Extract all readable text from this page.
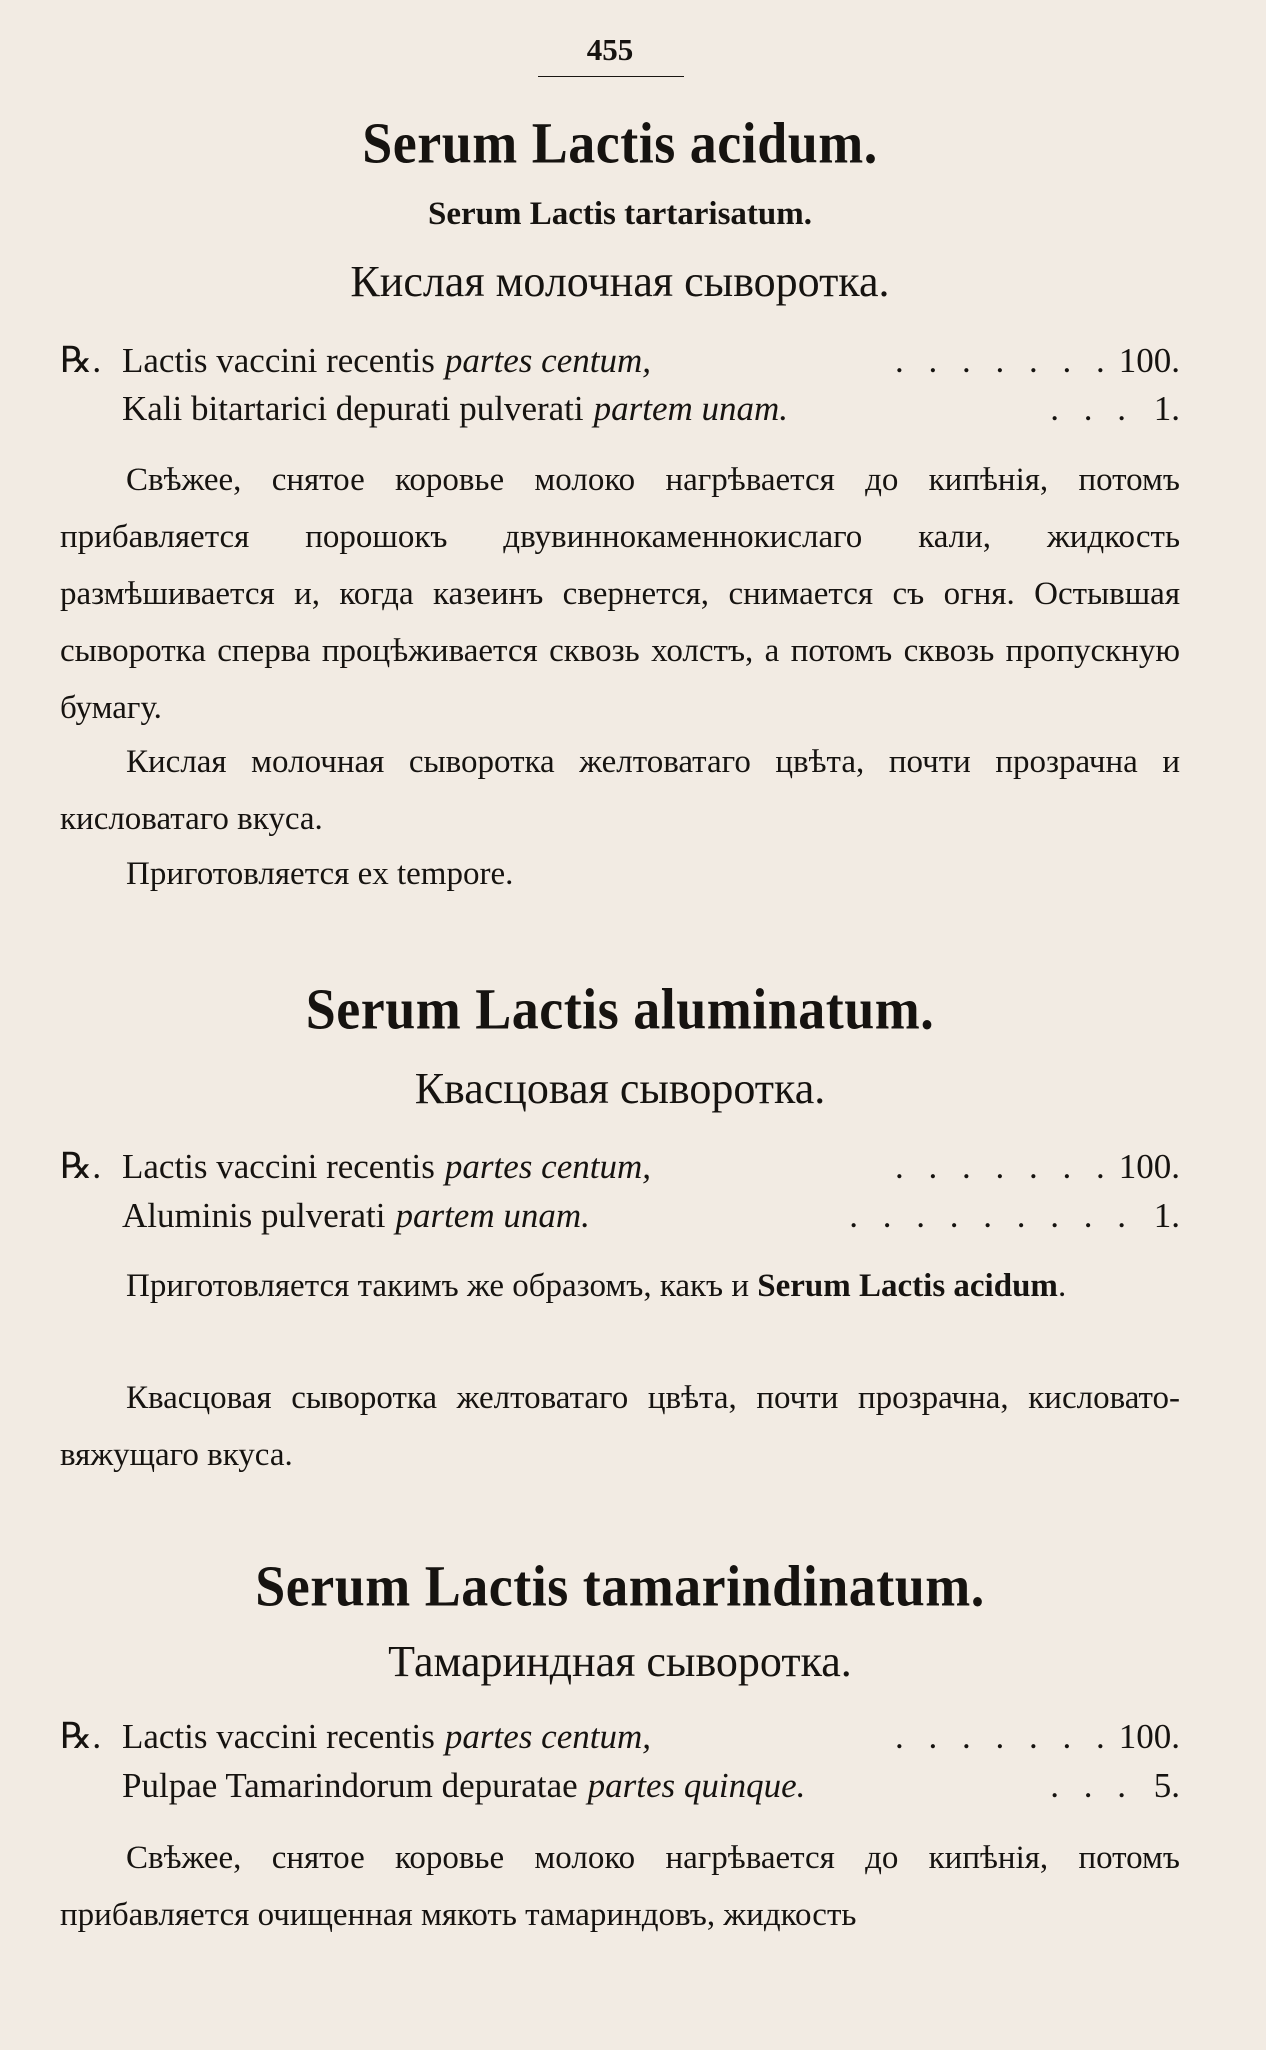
455
Serum Lactis acidum.
Serum Lactis tartarisatum.
Кислая молочная сыворотка.
℞. Lactis vaccini recentis partes centum,	. . . . . . . 100.
Kali bitartarici depurati pulverati partem unam.	. . . 1.
Свѣжее, снятое коровье молоко нагрѣвается до кипѣнія, потомъ прибавляется порошокъ двувиннокаменнокислаго кали, жидкость размѣшивается и, когда казеинъ свернется, снимается съ огня. Остывшая сыворотка сперва процѣживается сквозь холстъ, а потомъ сквозь пропускную бумагу.
Кислая молочная сыворотка желтоватаго цвѣта, почти прозрачна и кисловатаго вкуса.
Приготовляется ex tempore.
Serum Lactis aluminatum.
Квасцовая сыворотка.
℞. Lactis vaccini recentis partes centum,	. . . . . . . 100.
Aluminis pulverati partem unam.	. . . . . . . . . 1.
Приготовляется такимъ же образомъ, какъ и Serum Lactis acidum.
Квасцовая сыворотка желтоватаго цвѣта, почти прозрачна, кисловато-вяжущаго вкуса.
Serum Lactis tamarindinatum.
Тамариндная сыворотка.
℞. Lactis vaccini recentis partes centum,	. . . . . . . 100.
Pulpae Tamarindorum depuratae partes quinque.	. . . 5.
Свѣжее, снятое коровье молоко нагрѣвается до кипѣнія, потомъ прибавляется очищенная мякоть тамариндовъ, жидкость
